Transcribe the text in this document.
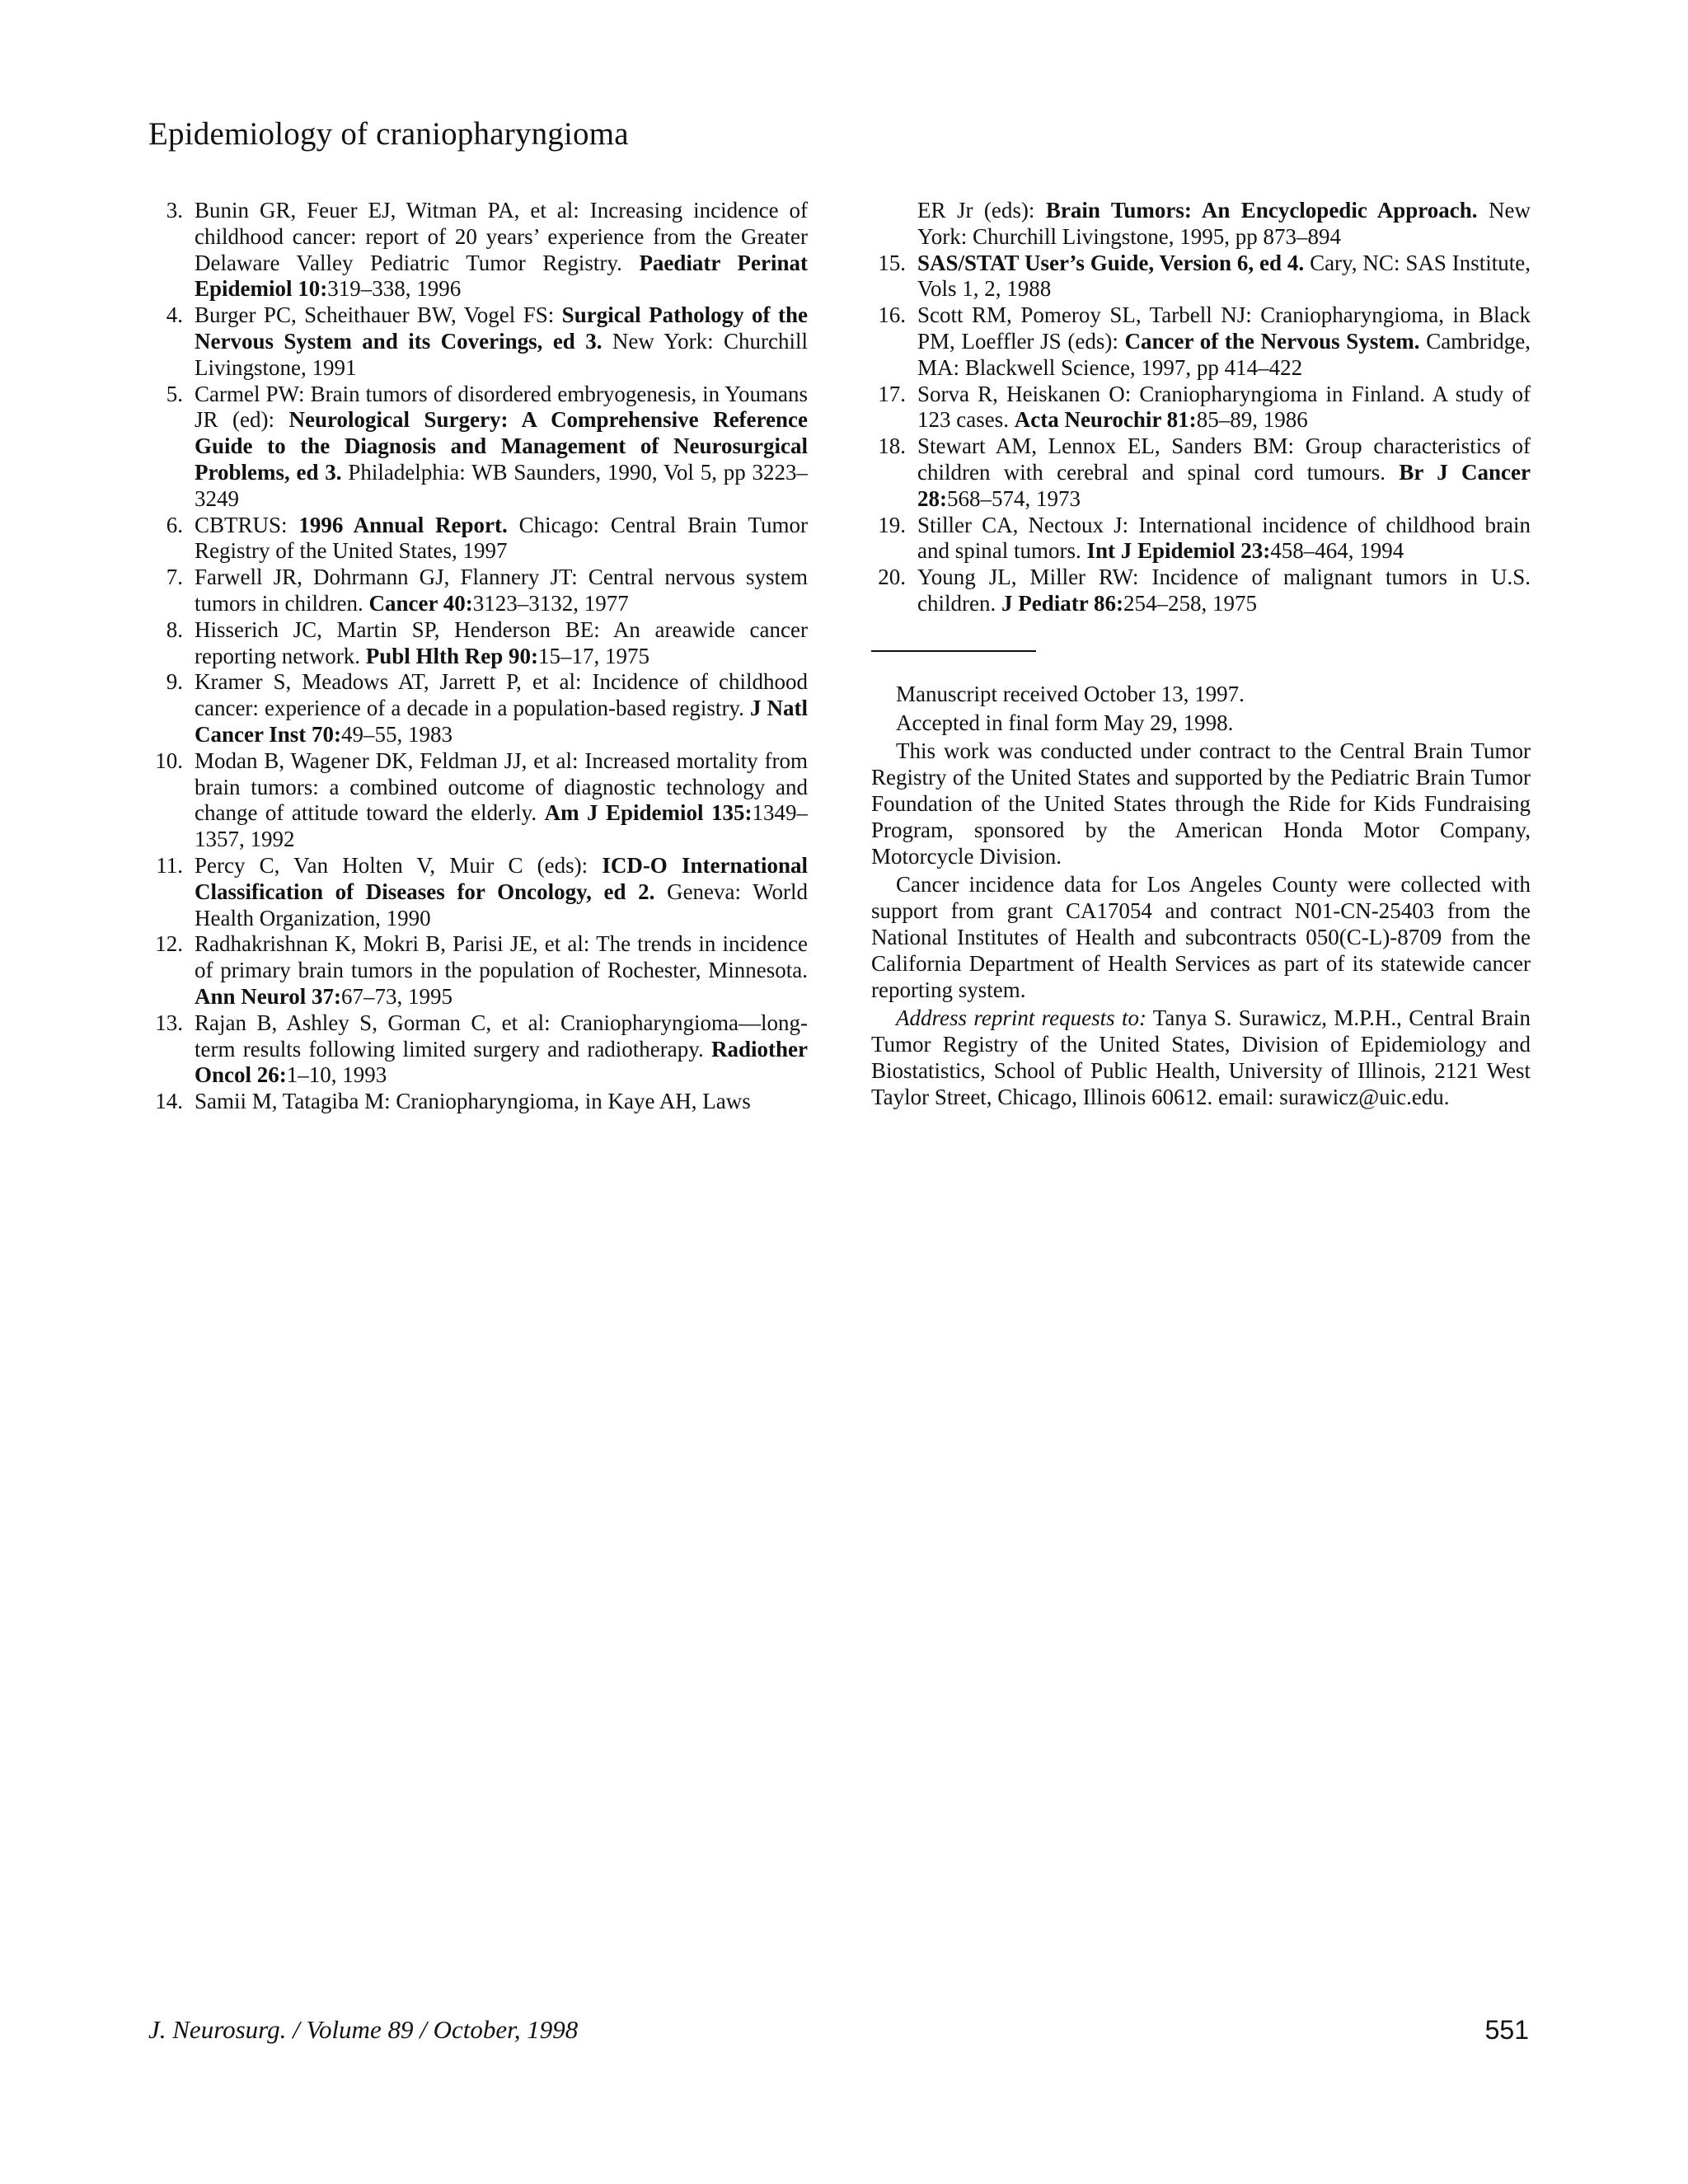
Epidemiology of craniopharyngioma
3. Bunin GR, Feuer EJ, Witman PA, et al: Increasing incidence of childhood cancer: report of 20 years’ experience from the Greater Delaware Valley Pediatric Tumor Registry. Paediatr Perinat Epidemiol 10:319–338, 1996
4. Burger PC, Scheithauer BW, Vogel FS: Surgical Pathology of the Nervous System and its Coverings, ed 3. New York: Churchill Livingstone, 1991
5. Carmel PW: Brain tumors of disordered embryogenesis, in Youmans JR (ed): Neurological Surgery: A Comprehensive Reference Guide to the Diagnosis and Management of Neurosurgical Problems, ed 3. Philadelphia: WB Saunders, 1990, Vol 5, pp 3223–3249
6. CBTRUS: 1996 Annual Report. Chicago: Central Brain Tumor Registry of the United States, 1997
7. Farwell JR, Dohrmann GJ, Flannery JT: Central nervous system tumors in children. Cancer 40:3123–3132, 1977
8. Hisserich JC, Martin SP, Henderson BE: An areawide cancer reporting network. Publ Hlth Rep 90:15–17, 1975
9. Kramer S, Meadows AT, Jarrett P, et al: Incidence of childhood cancer: experience of a decade in a population-based registry. J Natl Cancer Inst 70:49–55, 1983
10. Modan B, Wagener DK, Feldman JJ, et al: Increased mortality from brain tumors: a combined outcome of diagnostic technology and change of attitude toward the elderly. Am J Epidemiol 135:1349–1357, 1992
11. Percy C, Van Holten V, Muir C (eds): ICD-O International Classification of Diseases for Oncology, ed 2. Geneva: World Health Organization, 1990
12. Radhakrishnan K, Mokri B, Parisi JE, et al: The trends in incidence of primary brain tumors in the population of Rochester, Minnesota. Ann Neurol 37:67–73, 1995
13. Rajan B, Ashley S, Gorman C, et al: Craniopharyngioma—long-term results following limited surgery and radiotherapy. Radiother Oncol 26:1–10, 1993
14. Samii M, Tatagiba M: Craniopharyngioma, in Kaye AH, Laws
ER Jr (eds): Brain Tumors: An Encyclopedic Approach. New York: Churchill Livingstone, 1995, pp 873–894
15. SAS/STAT User’s Guide, Version 6, ed 4. Cary, NC: SAS Institute, Vols 1, 2, 1988
16. Scott RM, Pomeroy SL, Tarbell NJ: Craniopharyngioma, in Black PM, Loeffler JS (eds): Cancer of the Nervous System. Cambridge, MA: Blackwell Science, 1997, pp 414–422
17. Sorva R, Heiskanen O: Craniopharyngioma in Finland. A study of 123 cases. Acta Neurochir 81:85–89, 1986
18. Stewart AM, Lennox EL, Sanders BM: Group characteristics of children with cerebral and spinal cord tumours. Br J Cancer 28:568–574, 1973
19. Stiller CA, Nectoux J: International incidence of childhood brain and spinal tumors. Int J Epidemiol 23:458–464, 1994
20. Young JL, Miller RW: Incidence of malignant tumors in U.S. children. J Pediatr 86:254–258, 1975

Manuscript received October 13, 1997.

Accepted in final form May 29, 1998.

This work was conducted under contract to the Central Brain Tumor Registry of the United States and supported by the Pediatric Brain Tumor Foundation of the United States through the Ride for Kids Fundraising Program, sponsored by the American Honda Motor Company, Motorcycle Division.

Cancer incidence data for Los Angeles County were collected with support from grant CA17054 and contract N01-CN-25403 from the National Institutes of Health and subcontracts 050(C-L)-8709 from the California Department of Health Services as part of its statewide cancer reporting system.

Address reprint requests to: Tanya S. Surawicz, M.P.H., Central Brain Tumor Registry of the United States, Division of Epidemiology and Biostatistics, School of Public Health, University of Illinois, 2121 West Taylor Street, Chicago, Illinois 60612. email: surawicz@uic.edu.

J. Neurosurg. / Volume 89 / October, 1998	551
